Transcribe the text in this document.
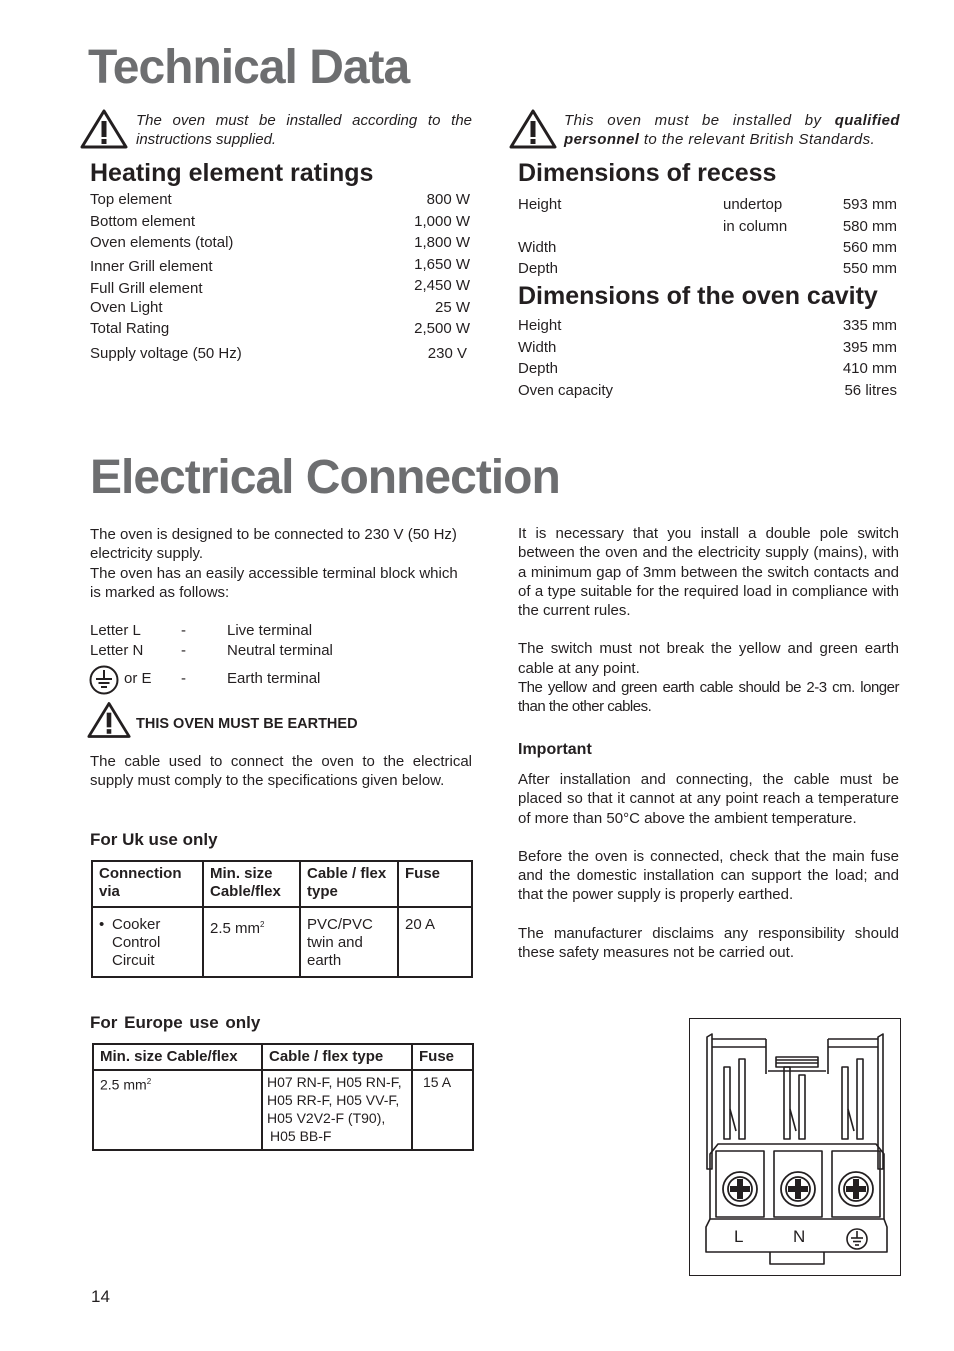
Technical Data
The oven must be installed according to the instructions supplied.
This oven must be installed by qualified personnel to the relevant British Standards.
Heating element ratings
Top element	800 W
Bottom element	1,000 W
Oven elements (total)	1,800 W
Inner Grill element	1,650 W
Full Grill element	2,450 W
Oven Light	25 W
Total Rating	2,500 W
Supply voltage (50 Hz)	230 V
Dimensions of recess
Height	undertop	593 mm
in column	580 mm
Width	560 mm
Depth	550 mm
Dimensions of the oven cavity
Height	335 mm
Width	395 mm
Depth	410 mm
Oven capacity	56 litres
Electrical Connection

The oven is designed to be connected to 230 V (50 Hz) electricity supply.

The oven has an easily accessible terminal block which is marked as follows:

Letter L	-	Live terminal
Letter N	-	Neutral terminal
or E -	Earth terminal
THIS OVEN MUST BE EARTHED
The cable used to connect the oven to the electrical supply must comply to the specifications given below.
For Uk use only
Connection via	Min. size Cable/flex	Cable / flex type	Fuse

• Cooker Control Circuit	2.5 $mm^2$	PVC/PVC twin and earth	20 A
For Europe use only
Min. size Cable/flex	Cable / flex type	Fuse
2.5 $mm^2$	H07 RN-F, H05 RN-F,
H05 RR-F, H05 VV-F,
H05 V2V2-F (T90),
H05 BB-F	15 A

It is necessary that you install a double pole switch between the oven and the electricity supply (mains), with a minimum gap of 3mm between the switch contacts and of a type suitable for the required load in compliance with the current rules.

The switch must not break the yellow and green earth cable at any point.

The yellow and green earth cable should be 2-3 cm. longer than the other cables.

Important

After installation and connecting, the cable must be placed so that it cannot at any point reach a temperature of more than 50°C above the ambient temperature.

Before the oven is connected, check that the main fuse and the domestic installation can support the load; and that the power supply is properly earthed.

The manufacturer disclaims any responsibility should these safety measures not be carried out.

L	N
14
